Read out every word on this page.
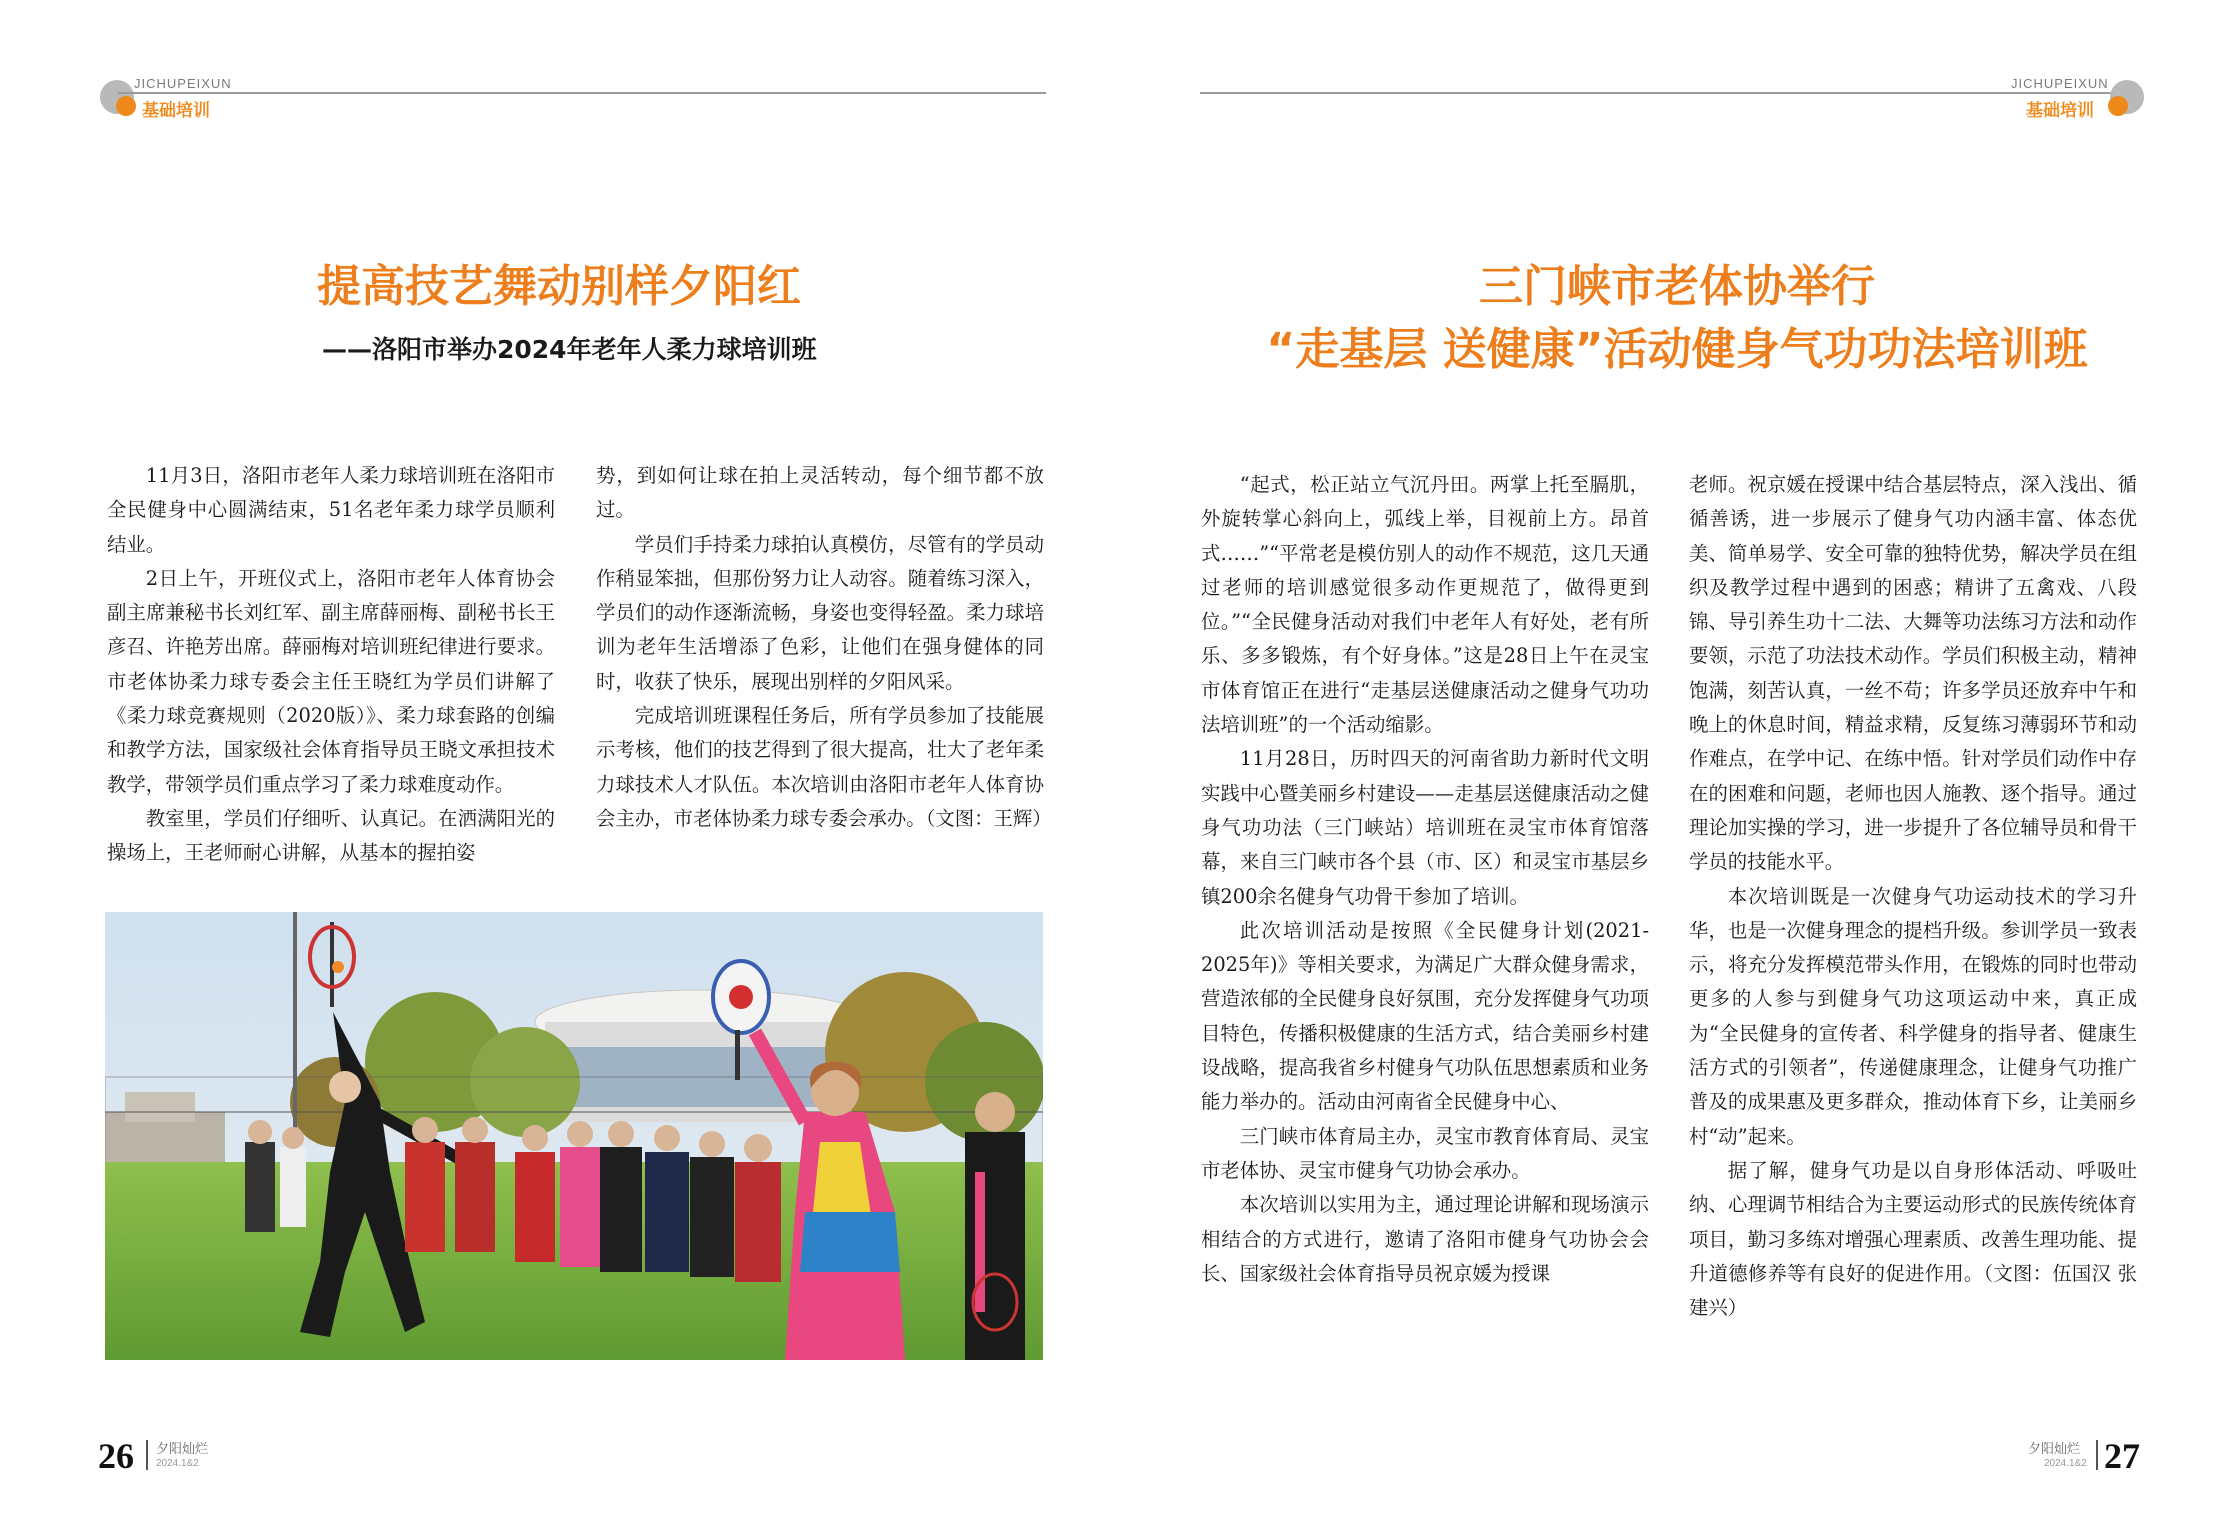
JICHUPEIXUN
基础培训
提高技艺舞动别样夕阳红
——洛阳市举办2024年老年人柔力球培训班

11月3日，洛阳市老年人柔力球培训班在洛阳市全民健身中心圆满结束，51名老年柔力球学员顺利结业。

2日上午，开班仪式上，洛阳市老年人体育协会副主席兼秘书长刘红军、副主席薛丽梅、副秘书长王彦召、许艳芳出席。薛丽梅对培训班纪律进行要求。市老体协柔力球专委会主任王晓红为学员们讲解了《柔力球竞赛规则（2020版）》、柔力球套路的创编和教学方法，国家级社会体育指导员王晓文承担技术教学，带领学员们重点学习了柔力球难度动作。

教室里，学员们仔细听、认真记。在洒满阳光的操场上，王老师耐心讲解，从基本的握拍姿

势，到如何让球在拍上灵活转动，每个细节都不放过。

学员们手持柔力球拍认真模仿，尽管有的学员动作稍显笨拙，但那份努力让人动容。随着练习深入，学员们的动作逐渐流畅，身姿也变得轻盈。柔力球培训为老年生活增添了色彩，让他们在强身健体的同时，收获了快乐，展现出别样的夕阳风采。

完成培训班课程任务后，所有学员参加了技能展示考核，他们的技艺得到了很大提高，壮大了老年柔力球技术人才队伍。本次培训由洛阳市老年人体育协会主办，市老体协柔力球专委会承办。（文图：王辉）

26 夕阳灿烂
2024.1&2
JICHUPEIXUN
基础培训
三门峡市老体协举行
“走基层 送健康”活动健身气功功法培训班

“起式，松正站立气沉丹田。两掌上托至膈肌，外旋转掌心斜向上，弧线上举，目视前上方。昂首式……”“平常老是模仿别人的动作不规范，这几天通过老师的培训感觉很多动作更规范了，做得更到位。”“全民健身活动对我们中老年人有好处，老有所乐、多多锻炼，有个好身体。”这是28日上午在灵宝市体育馆正在进行“走基层送健康活动之健身气功功法培训班”的一个活动缩影。

11月28日，历时四天的河南省助力新时代文明实践中心暨美丽乡村建设——走基层送健康活动之健身气功功法（三门峡站）培训班在灵宝市体育馆落幕，来自三门峡市各个县（市、区）和灵宝市基层乡镇200余名健身气功骨干参加了培训。

此次培训活动是按照《全民健身计划(2021-2025年)》等相关要求，为满足广大群众健身需求，营造浓郁的全民健身良好氛围，充分发挥健身气功项目特色，传播积极健康的生活方式，结合美丽乡村建设战略，提高我省乡村健身气功队伍思想素质和业务能力举办的。活动由河南省全民健身中心、

三门峡市体育局主办，灵宝市教育体育局、灵宝市老体协、灵宝市健身气功协会承办。

本次培训以实用为主，通过理论讲解和现场演示相结合的方式进行，邀请了洛阳市健身气功协会会长、国家级社会体育指导员祝京媛为授课

老师。祝京媛在授课中结合基层特点，深入浅出、循循善诱，进一步展示了健身气功内涵丰富、体态优美、简单易学、安全可靠的独特优势，解决学员在组织及教学过程中遇到的困惑；精讲了五禽戏、八段锦、导引养生功十二法、大舞等功法练习方法和动作要领，示范了功法技术动作。学员们积极主动，精神饱满，刻苦认真，一丝不苟；许多学员还放弃中午和晚上的休息时间，精益求精，反复练习薄弱环节和动作难点，在学中记、在练中悟。针对学员们动作中存在的困难和问题，老师也因人施教、逐个指导。通过理论加实操的学习，进一步提升了各位辅导员和骨干学员的技能水平。

本次培训既是一次健身气功运动技术的学习升华，也是一次健身理念的提档升级。参训学员一致表示，将充分发挥模范带头作用，在锻炼的同时也带动更多的人参与到健身气功这项运动中来，真正成为“全民健身的宣传者、科学健身的指导者、健康生活方式的引领者”，传递健康理念，让健身气功推广普及的成果惠及更多群众，推动体育下乡，让美丽乡村“动”起来。

据了解，健身气功是以自身形体活动、呼吸吐纳、心理调节相结合为主要运动形式的民族传统体育项目，勤习多练对增强心理素质、改善生理功能、提升道德修养等有良好的促进作用。（文图：伍国汉 张建兴）

夕阳灿烂
2024.1&2 27
